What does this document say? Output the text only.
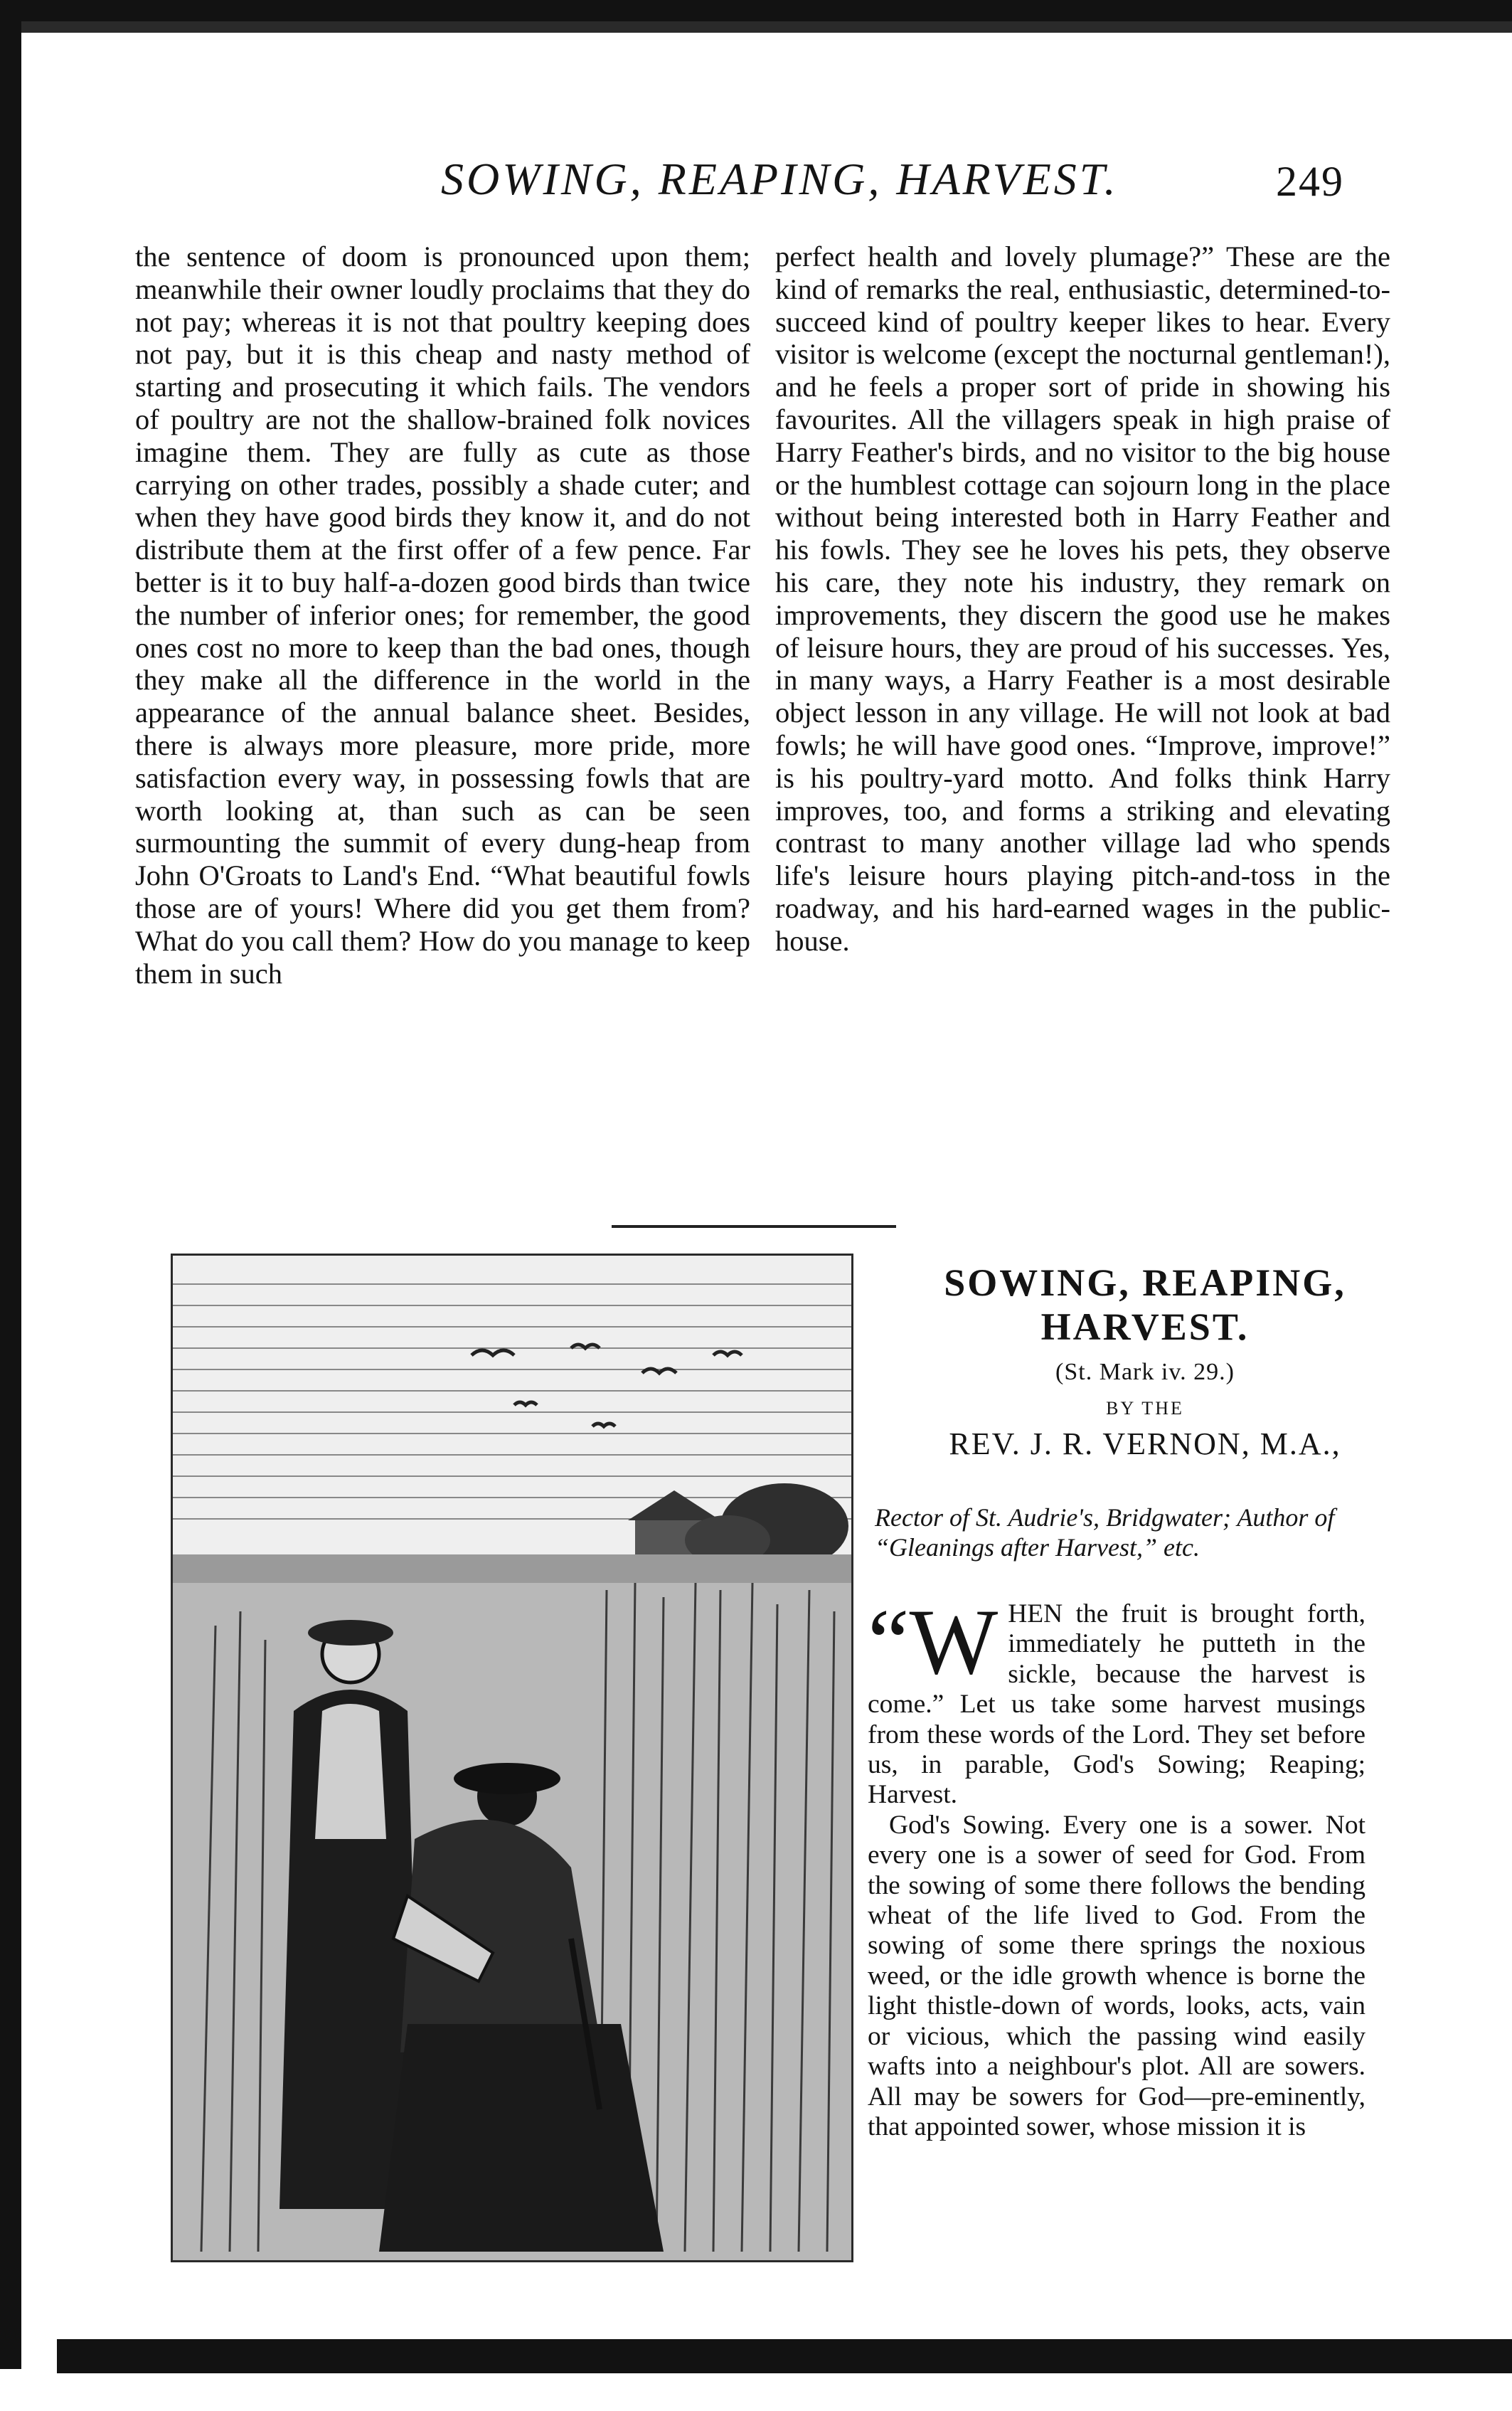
SOWING, REAPING, HARVEST.	249
the sentence of doom is pronounced upon them; meanwhile their owner loudly proclaims that they do not pay; whereas it is not that poultry keeping does not pay, but it is this cheap and nasty method of starting and prosecuting it which fails. The vendors of poultry are not the shallow-brained folk novices imagine them. They are fully as cute as those carrying on other trades, possibly a shade cuter; and when they have good birds they know it, and do not distribute them at the first offer of a few pence. Far better is it to buy half-a-dozen good birds than twice the number of inferior ones; for remember, the good ones cost no more to keep than the bad ones, though they make all the difference in the world in the appearance of the annual balance sheet. Besides, there is always more pleasure, more pride, more satisfaction every way, in possessing fowls that are worth looking at, than such as can be seen surmounting the summit of every dung-heap from John O'Groats to Land's End. “What beautiful fowls those are of yours! Where did you get them from? What do you call them? How do you manage to keep them in such
perfect health and lovely plumage?” These are the kind of remarks the real, enthusiastic, determined-to-succeed kind of poultry keeper likes to hear. Every visitor is welcome (except the nocturnal gentleman!), and he feels a proper sort of pride in showing his favourites. All the villagers speak in high praise of Harry Feather's birds, and no visitor to the big house or the humblest cottage can sojourn long in the place without being interested both in Harry Feather and his fowls. They see he loves his pets, they observe his care, they note his industry, they remark on improvements, they discern the good use he makes of leisure hours, they are proud of his successes. Yes, in many ways, a Harry Feather is a most desirable object lesson in any village. He will not look at bad fowls; he will have good ones. “Improve, improve!” is his poultry-yard motto. And folks think Harry improves, too, and forms a striking and elevating contrast to many another village lad who spends life's leisure hours playing pitch-and-toss in the roadway, and his hard-earned wages in the public-house.
SOWING, REAPING, HARVEST.
(St. Mark iv. 29.)
BY THE
REV. J. R. VERNON, M.A.,
Rector of St. Audrie's, Bridgwater; Author of “Gleanings after Harvest,” etc.

“W HEN the fruit is brought forth, immediately he putteth in the sickle, because the harvest is come.” Let us take some harvest musings from these words of the Lord. They set before us, in parable, God's Sowing; Reaping; Harvest.

God's Sowing. Every one is a sower. Not every one is a sower of seed for God. From the sowing of some there follows the bending wheat of the life lived to God. From the sowing of some there springs the noxious weed, or the idle growth whence is borne the light thistle-down of words, looks, acts, vain or vicious, which the passing wind easily wafts into a neighbour's plot. All are sowers. All may be sowers for God—pre-eminently, that appointed sower, whose mission it is
